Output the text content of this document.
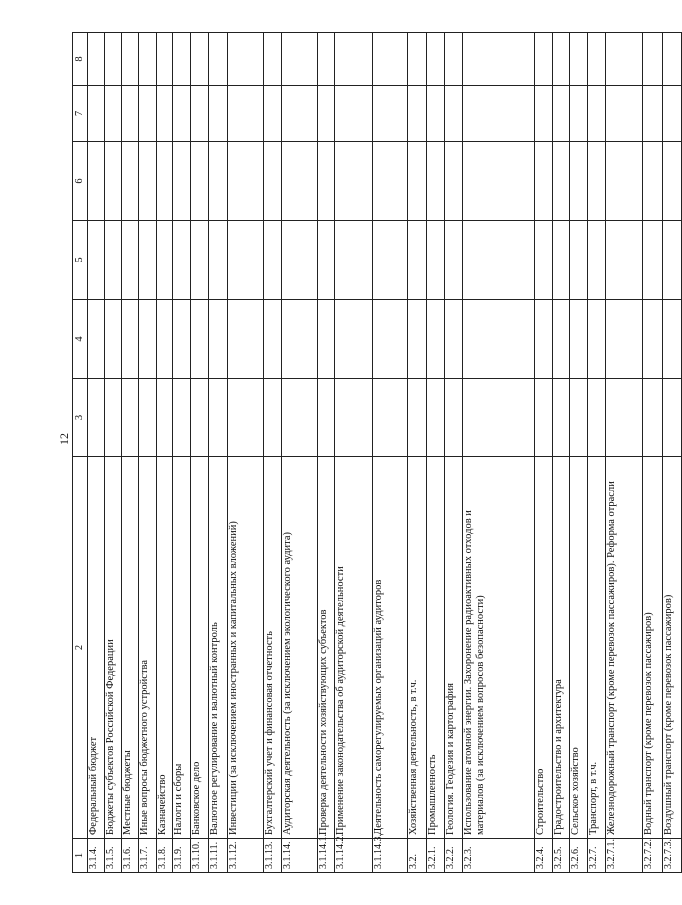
12
1	2	3	4	5	6	7	8
3.1.4.	Федеральный бюджет						
3.1.5.	Бюджеты субъектов Российской Федерации						
3.1.6.	Местные бюджеты						
3.1.7.	Иные вопросы бюджетного устройства						
3.1.8.	Казначейство						
3.1.9.	Налоги и сборы						
3.1.10.	Банковское дело						
3.1.11.	Валютное регулирование и валютный контроль						
3.1.12.	Инвестиции (за исключением иностранных и капитальных вложений)						
3.1.13.	Бухгалтерский учет и финансовая отчетность						
3.1.14.	Аудиторская деятельность (за исключением экологического аудита)						
3.1.14.1.	Проверка деятельности хозяйствующих субъектов						
3.1.14.2.	Применение законодательства об аудиторской деятельности						
3.1.14.3.	Деятельность саморегулируемых организаций аудиторов						
3.2.	Хозяйственная деятельность, в т.ч.						
3.2.1.	Промышленность						
3.2.2.	Геология. Геодезия и картография						
3.2.3.	Использование атомной энергии. Захоронение радиоактивных отходов и материалов (за исключением вопросов безопасности)						
3.2.4.	Строительство						
3.2.5.	Градостроительство и архитектура						
3.2.6.	Сельское хозяйство						
3.2.7.	Транспорт, в т.ч.						
3.2.7.1.	Железнодорожный транспорт (кроме перевозок пассажиров). Реформа отрасли						
3.2.7.2.	Водный транспорт (кроме перевозок пассажиров)						
3.2.7.3.	Воздушный транспорт (кроме перевозок пассажиров)						
